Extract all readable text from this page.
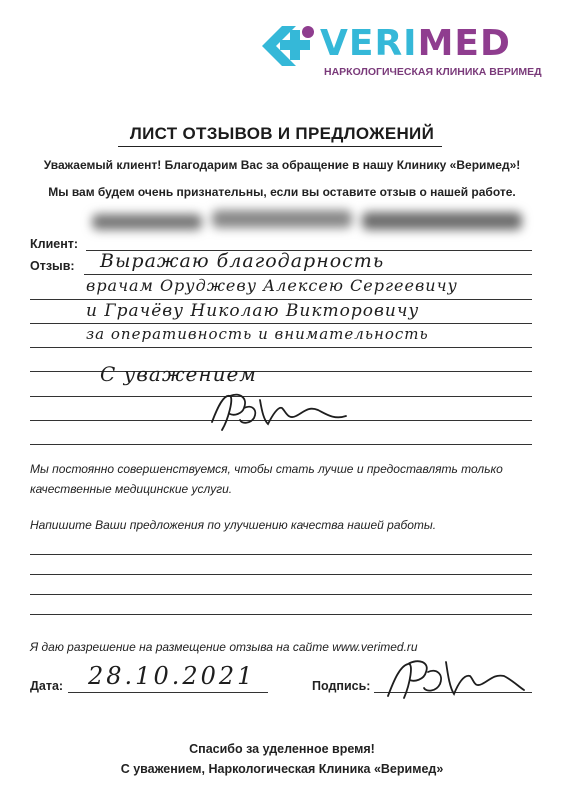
VERIMED
НАРКОЛОГИЧЕСКАЯ КЛИНИКА ВЕРИМЕД
ЛИСТ ОТЗЫВОВ И ПРЕДЛОЖЕНИЙ
Уважаемый клиент! Благодарим Вас за обращение в нашу Клинику «Веримед»!
Мы вам будем очень признательны, если вы оставите отзыв о нашей работе.
Клиент:
Отзыв: Выражаю благодарность
врачам Оруджеву Алексею Сергеевичу
и Грачёву Николаю Викторовичу
за оперативность и внимательность
С уважением
Мы постоянно совершенствуемся, чтобы стать лучше и предоставлять только
качественные медицинские услуги.
Напишите Ваши предложения по улучшению качества нашей работы.
Я даю разрешение на размещение отзыва на сайте www.verimed.ru
Дата: 28.10.2021	Подпись:
Спасибо за уделенное время!
С уважением, Наркологическая Клиника «Веримед»
